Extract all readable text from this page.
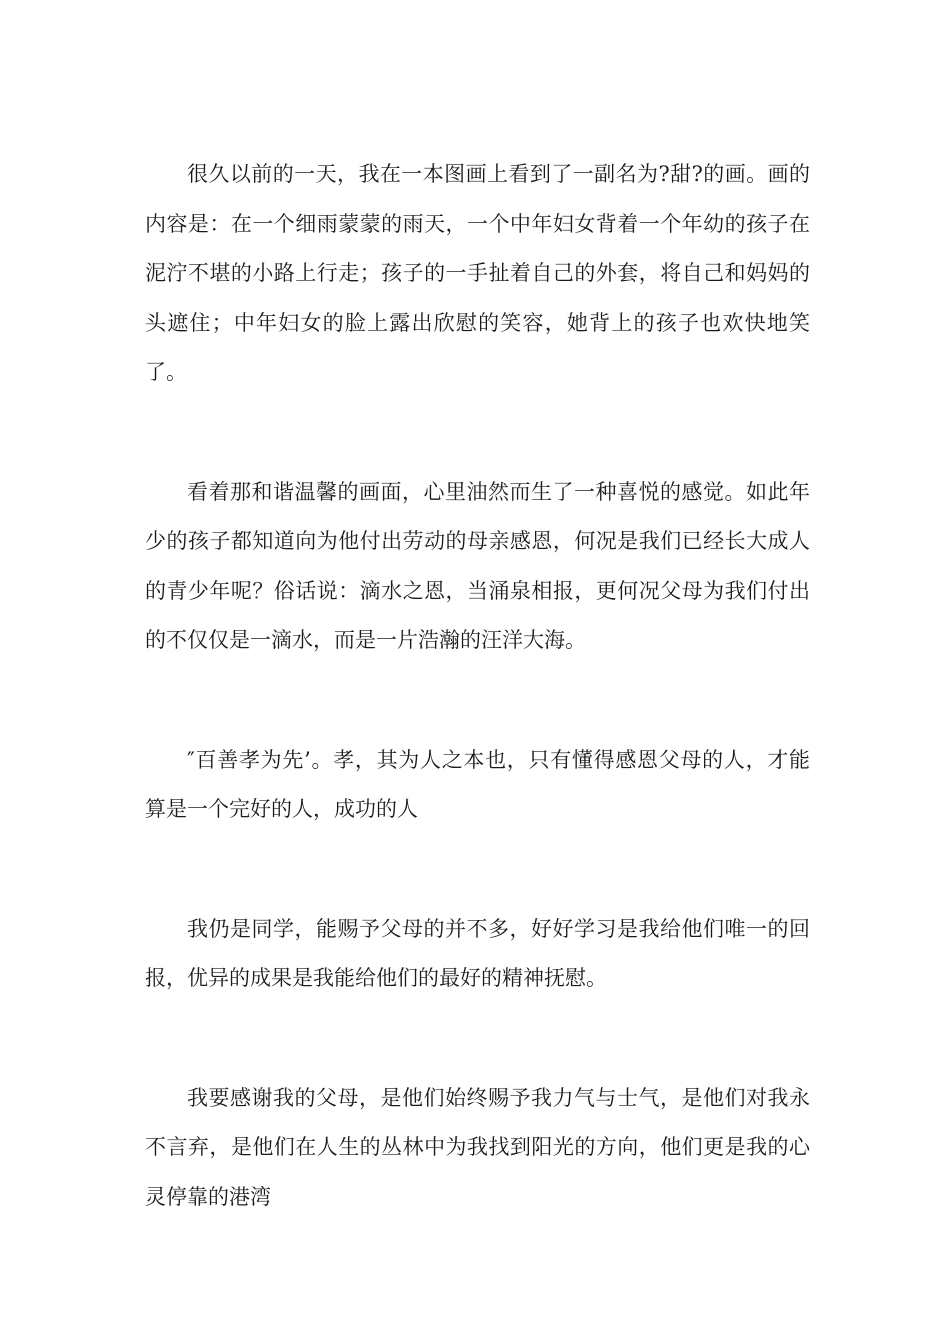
很久以前的一天，我在一本图画上看到了一副名为?甜?的画。画的内容是：在一个细雨蒙蒙的雨天，一个中年妇女背着一个年幼的孩子在泥泞不堪的小路上行走；孩子的一手扯着自己的外套，将自己和妈妈的头遮住；中年妇女的脸上露出欣慰的笑容，她背上的孩子也欢快地笑了。

看着那和谐温馨的画面，心里油然而生了一种喜悦的感觉。如此年少的孩子都知道向为他付出劳动的母亲感恩，何况是我们已经长大成人的青少年呢？俗话说：滴水之恩，当涌泉相报，更何况父母为我们付出的不仅仅是一滴水，而是一片浩瀚的汪洋大海。

″百善孝为先’。孝，其为人之本也，只有懂得感恩父母的人，才能算是一个完好的人，成功的人

我仍是同学，能赐予父母的并不多，好好学习是我给他们唯一的回报，优异的成果是我能给他们的最好的精神抚慰。

我要感谢我的父母，是他们始终赐予我力气与士气，是他们对我永不言弃，是他们在人生的丛林中为我找到阳光的方向，他们更是我的心灵停靠的港湾
